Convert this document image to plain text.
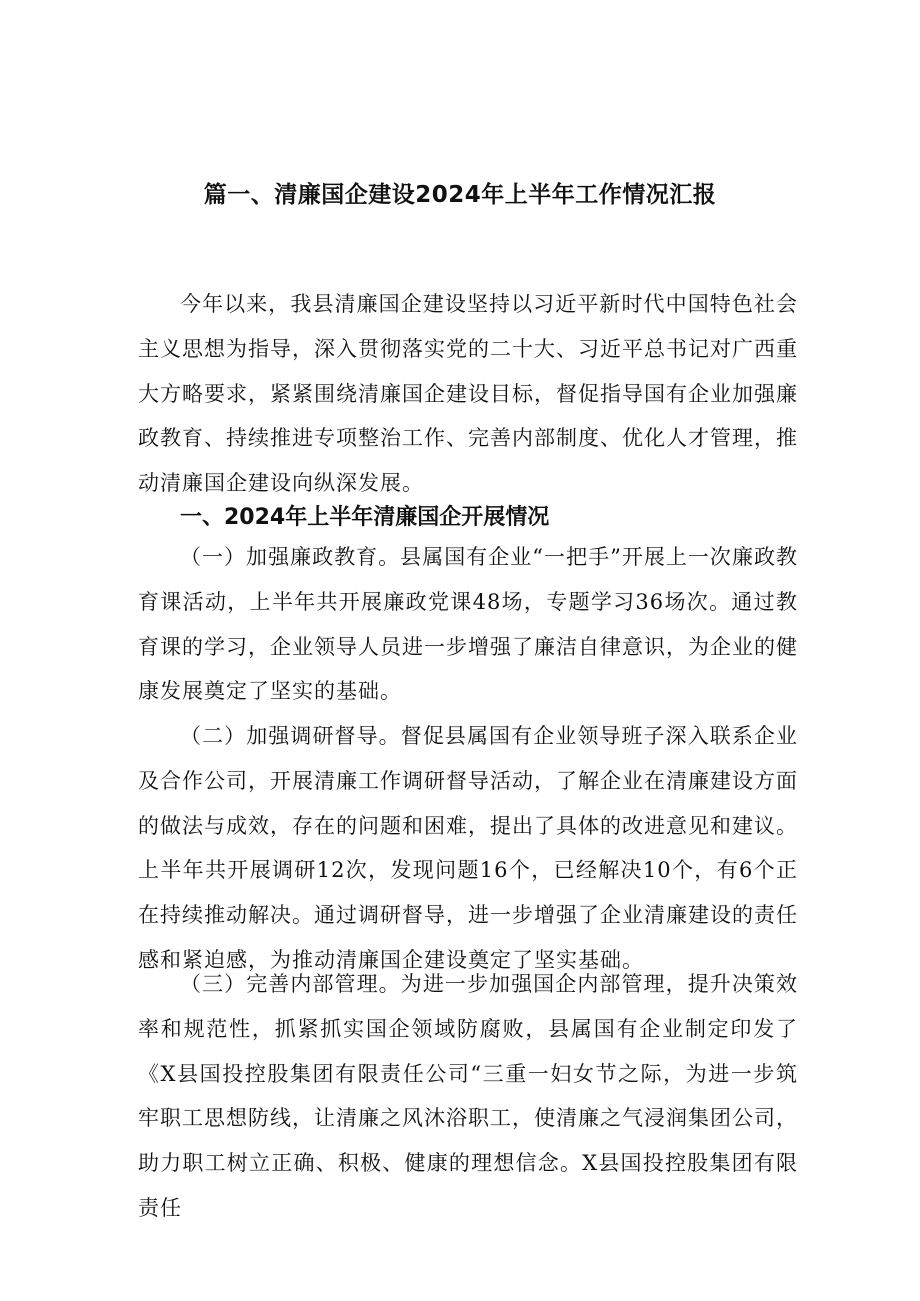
篇一、清廉国企建设2024年上半年工作情况汇报

今年以来，我县清廉国企建设坚持以习近平新时代中国特色社会主义思想为指导，深入贯彻落实党的二十大、习近平总书记对广西重大方略要求，紧紧围绕清廉国企建设目标，督促指导国有企业加强廉政教育、持续推进专项整治工作、完善内部制度、优化人才管理，推动清廉国企建设向纵深发展。

一、2024年上半年清廉国企开展情况

（一）加强廉政教育。县属国有企业“一把手”开展上一次廉政教育课活动，上半年共开展廉政党课48场，专题学习36场次。通过教育课的学习，企业领导人员进一步增强了廉洁自律意识，为企业的健康发展奠定了坚实的基础。

（二）加强调研督导。督促县属国有企业领导班子深入联系企业及合作公司，开展清廉工作调研督导活动，了解企业在清廉建设方面的做法与成效，存在的问题和困难，提出了具体的改进意见和建议。上半年共开展调研12次，发现问题16个，已经解决10个，有6个正在持续推动解决。通过调研督导，进一步增强了企业清廉建设的责任感和紧迫感，为推动清廉国企建设奠定了坚实基础。

（三）完善内部管理。为进一步加强国企内部管理，提升决策效率和规范性，抓紧抓实国企领域防腐败，县属国有企业制定印发了《X县国投控股集团有限责任公司“三重一妇女节之际，为进一步筑牢职工思想防线，让清廉之风沐浴职工，使清廉之气浸润集团公司，助力职工树立正确、积极、健康的理想信念。X县国投控股集团有限责任
